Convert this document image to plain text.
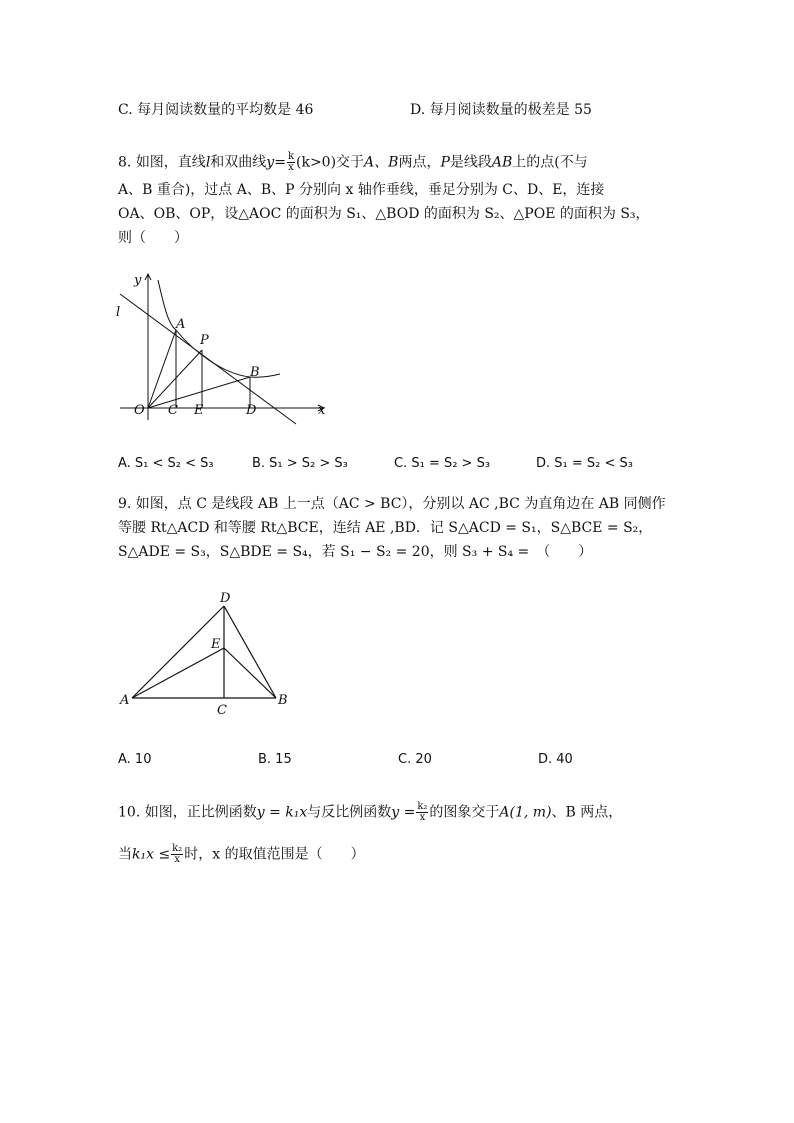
C. 每月阅读数量的平均数是 46	D. 每月阅读数量的极差是 55
8. 如图，直线l和双曲线$y= \frac{k}{x} (k>0)$交于A、B两点，P是线段AB上的点(不与
A、B 重合)，过点 A、B、P 分别向 x 轴作垂线，垂足分别为 C、D、E，连接
OA、OB、OP，设△AOC 的面积为 S₁、△BOD 的面积为 S₂、△POE 的面积为 S₃，
则（　　）
y
l
A
P
B
O C E	D	x
A. S₁ < S₂ < S₃	B. S₁ > S₂ > S₃	C. S₁ = S₂ > S₃	D. S₁ = S₂ < S₃
9. 如图，点 C 是线段 AB 上一点（AC > BC），分别以 AC ,BC 为直角边在 AB 同侧作
等腰 Rt△ACD 和等腰 Rt△BCE，连结 AE ,BD．记 S△ACD = S₁，S△BCE = S₂，
S△ADE = S₃，S△BDE = S₄，若 S₁ − S₂ = 20，则 S₃ + S₄ =　（　　）
D
E
A
C
B
A. 10	B. 15	C. 20	D. 40
10. 如图，正比例函数y = k₁x与反比例函数$y = \frac{\text{k₂}}{x}$ 的图象交于A(1, m)、B 两点，
当$k_1x \le \frac{\text{k₂}}{x}$ 时，x 的取值范围是（　　）
